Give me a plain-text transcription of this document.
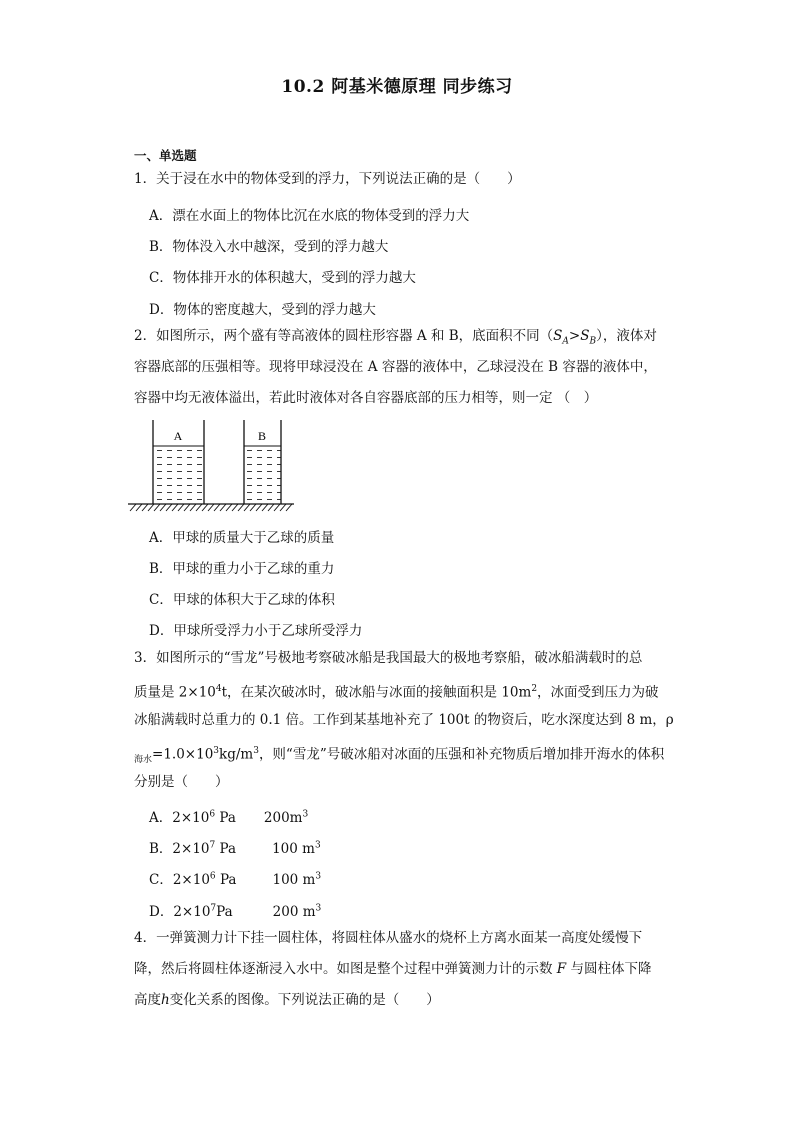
10.2 阿基米德原理 同步练习
一、单选题
1．关于浸在水中的物体受到的浮力，下列说法正确的是（　　）
A．漂在水面上的物体比沉在水底的物体受到的浮力大
B．物体没入水中越深，受到的浮力越大
C．物体排开水的体积越大，受到的浮力越大
D．物体的密度越大，受到的浮力越大
2．如图所示，两个盛有等高液体的圆柱形容器 A 和 B，底面积不同$(S_A>S_B)$，液体对
容器底部的压强相等。现将甲球浸没在 A 容器的液体中，乙球浸没在 B 容器的液体中，
容器中均无液体溢出，若此时液体对各自容器底部的压力相等，则一定 （　）
A	B
A．甲球的质量大于乙球的质量
B．甲球的重力小于乙球的重力
C．甲球的体积大于乙球的体积
D．甲球所受浮力小于乙球所受浮力
3．如图所示的“雪龙”号极地考察破冰船是我国最大的极地考察船，破冰船满载时的总
质量是 $2\times 10^4t$，在某次破冰时，破冰船与冰面的接触面积是 $10m^2$，冰面受到压力为破
冰船满载时总重力的 0.1 倍。工作到某基地补充了 100t 的物资后，吃水深度达到 8 m，ρ
$_{海水}=1.0\times 10^3kg/m^3$，则“雪龙”号破冰船对冰面的压强和补充物质后增加排开海水的体积
分别是（　　）
A．$2\times 10^6$ Pa $200m^3$
B．$2\times 10^7$ Pa	100 $m^3$
C．$2\times 10^6$ Pa	100 $m^3$
D．$2\times 10^7Pa$	200 $m^3$
4．一弹簧测力计下挂一圆柱体，将圆柱体从盛水的烧杯上方离水面某一高度处缓慢下
降，然后将圆柱体逐渐浸入水中。如图是整个过程中弹簧测力计的示数 F 与圆柱体下降
高度h变化关系的图像。下列说法正确的是（　　）
